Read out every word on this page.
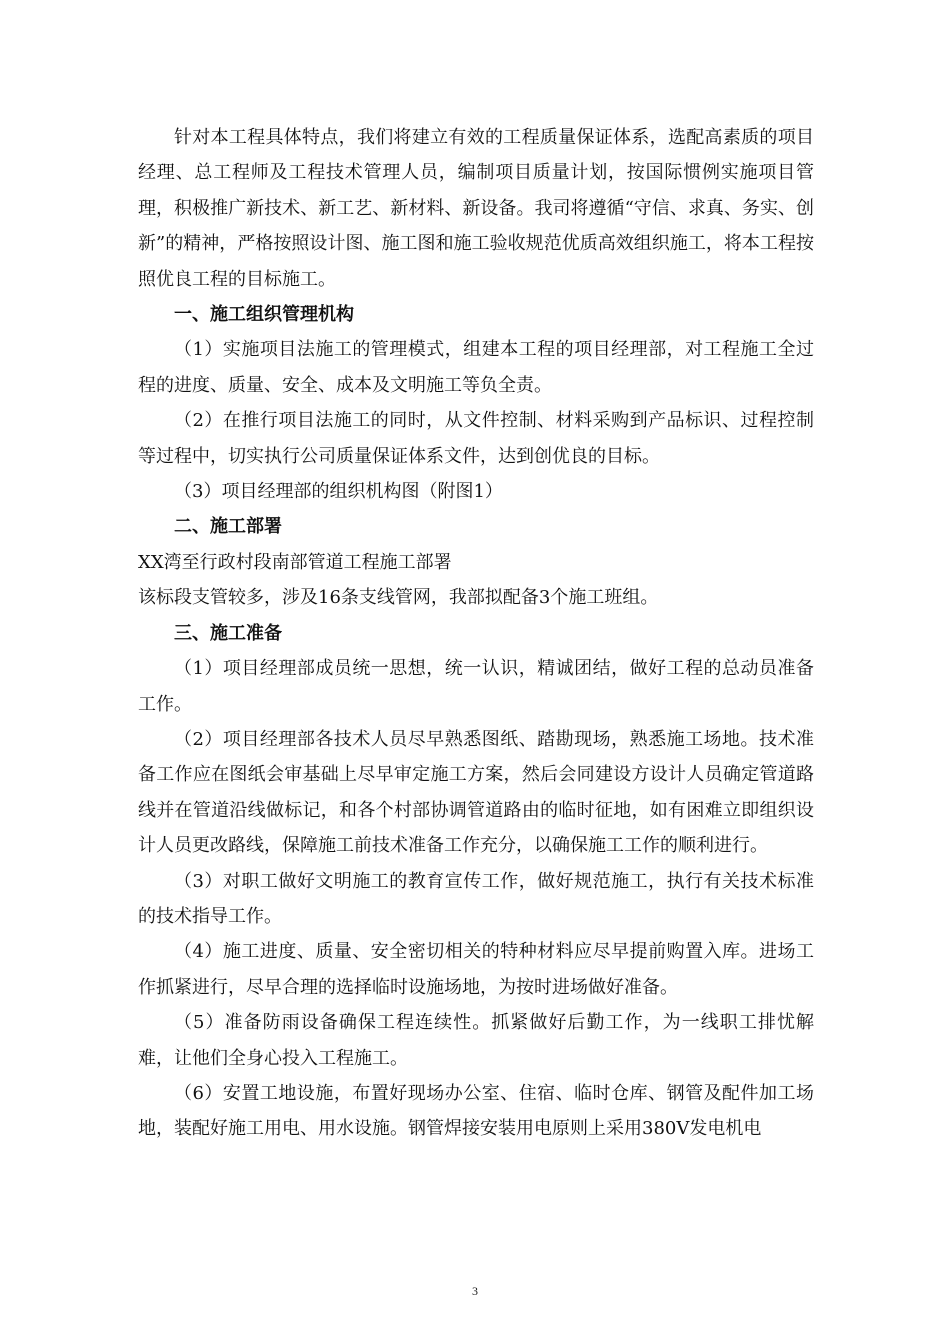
针对本工程具体特点，我们将建立有效的工程质量保证体系，选配高素质的项目经理、总工程师及工程技术管理人员，编制项目质量计划，按国际惯例实施项目管理，积极推广新技术、新工艺、新材料、新设备。我司将遵循“守信、求真、务实、创新”的精神，严格按照设计图、施工图和施工验收规范优质高效组织施工，将本工程按照优良工程的目标施工。

一、施工组织管理机构

（1）实施项目法施工的管理模式，组建本工程的项目经理部，对工程施工全过程的进度、质量、安全、成本及文明施工等负全责。

（2）在推行项目法施工的同时，从文件控制、材料采购到产品标识、过程控制等过程中，切实执行公司质量保证体系文件，达到创优良的目标。

（3）项目经理部的组织机构图（附图1）

二、施工部署

XX湾至行政村段南部管道工程施工部署

该标段支管较多，涉及16条支线管网，我部拟配备3个施工班组。

三、施工准备

（1）项目经理部成员统一思想，统一认识，精诚团结，做好工程的总动员准备工作。

（2）项目经理部各技术人员尽早熟悉图纸、踏勘现场，熟悉施工场地。技术准备工作应在图纸会审基础上尽早审定施工方案，然后会同建设方设计人员确定管道路线并在管道沿线做标记，和各个村部协调管道路由的临时征地，如有困难立即组织设计人员更改路线，保障施工前技术准备工作充分，以确保施工工作的顺利进行。

（3）对职工做好文明施工的教育宣传工作，做好规范施工，执行有关技术标准的技术指导工作。

（4）施工进度、质量、安全密切相关的特种材料应尽早提前购置入库。进场工作抓紧进行，尽早合理的选择临时设施场地，为按时进场做好准备。

（5）准备防雨设备确保工程连续性。抓紧做好后勤工作，为一线职工排忧解难，让他们全身心投入工程施工。

（6）安置工地设施，布置好现场办公室、住宿、临时仓库、钢管及配件加工场地，装配好施工用电、用水设施。钢管焊接安装用电原则上采用380V发电机电

3
